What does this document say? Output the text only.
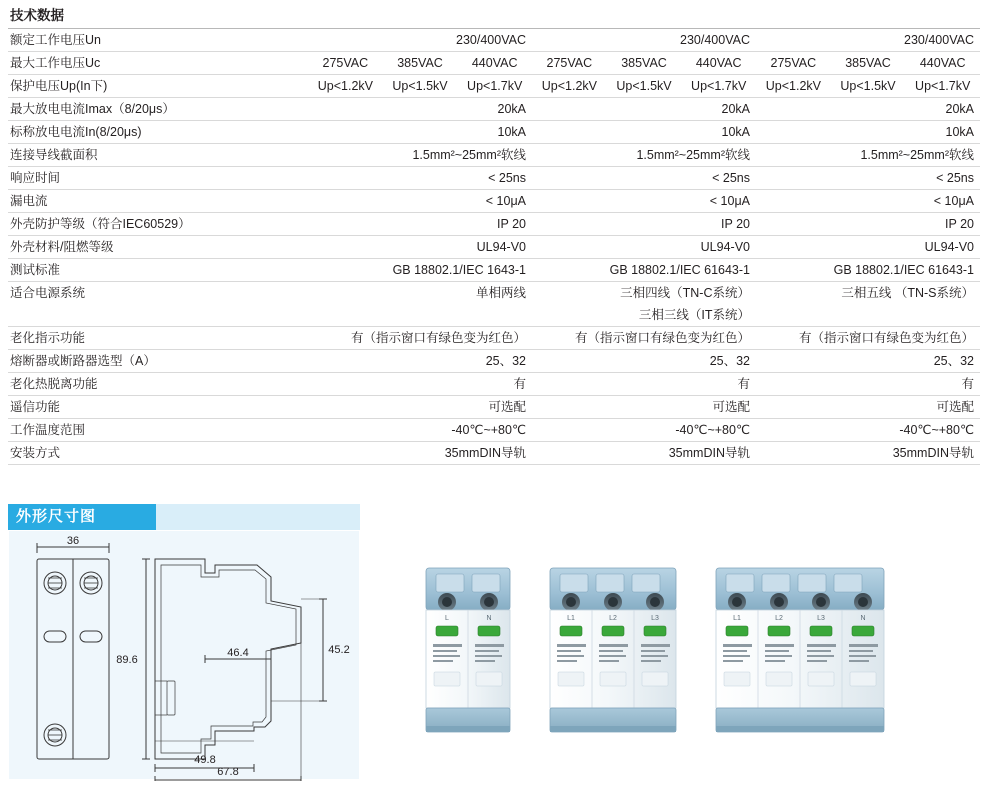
技术数据			
额定工作电压Un	230/400VAC	230/400VAC	230/400VAC
最大工作电压Uc	275VAC 385VAC 440VAC	275VAC 385VAC 440VAC	275VAC 385VAC 440VAC

保护电压Up(In下)	Up<1.2kV Up<1.5kV Up<1.7kV	Up<1.2kV Up<1.5kV Up<1.7kV	Up<1.2kV Up<1.5kV Up<1.7kV

最大放电电流Imax（8/20μs）	20kA	20kA	20kA
标称放电电流In(8/20μs)	10kA	10kA	10kA
连接导线截面积	1.5mm²~25mm²软线	1.5mm²~25mm²软线	1.5mm²~25mm²软线
响应时间	< 25ns	< 25ns	< 25ns
漏电流	< 10μA	< 10μA	< 10μA
外壳防护等级（符合IEC60529）	IP 20	IP 20	IP 20
外壳材料/阻燃等级	UL94-V0	UL94-V0	UL94-V0
测试标准	GB 18802.1/IEC 1643-1	GB 18802.1/IEC 61643-1	GB 18802.1/IEC 61643-1
适合电源系统	单相两线	三相四线（TN-C系统）	三相五线 （TN-S系统）
		三相三线（IT系统）	
老化指示功能	有（指示窗口有绿色变为红色）	有（指示窗口有绿色变为红色）	有（指示窗口有绿色变为红色）
熔断器或断路器选型（A）	25、32	25、32	25、32
老化热脱离功能	有	有	有
遥信功能	可选配	可选配	可选配
工作温度范围	-40℃~+80℃	-40℃~+80℃	-40℃~+80℃
安装方式	35mmDIN导轨	35mmDIN导轨	35mmDIN导轨
外形尺寸图
36
89.6
46.4	45.2
49.8
67.8
L	N	L1	L2	L3	L1	L2	L3	N
